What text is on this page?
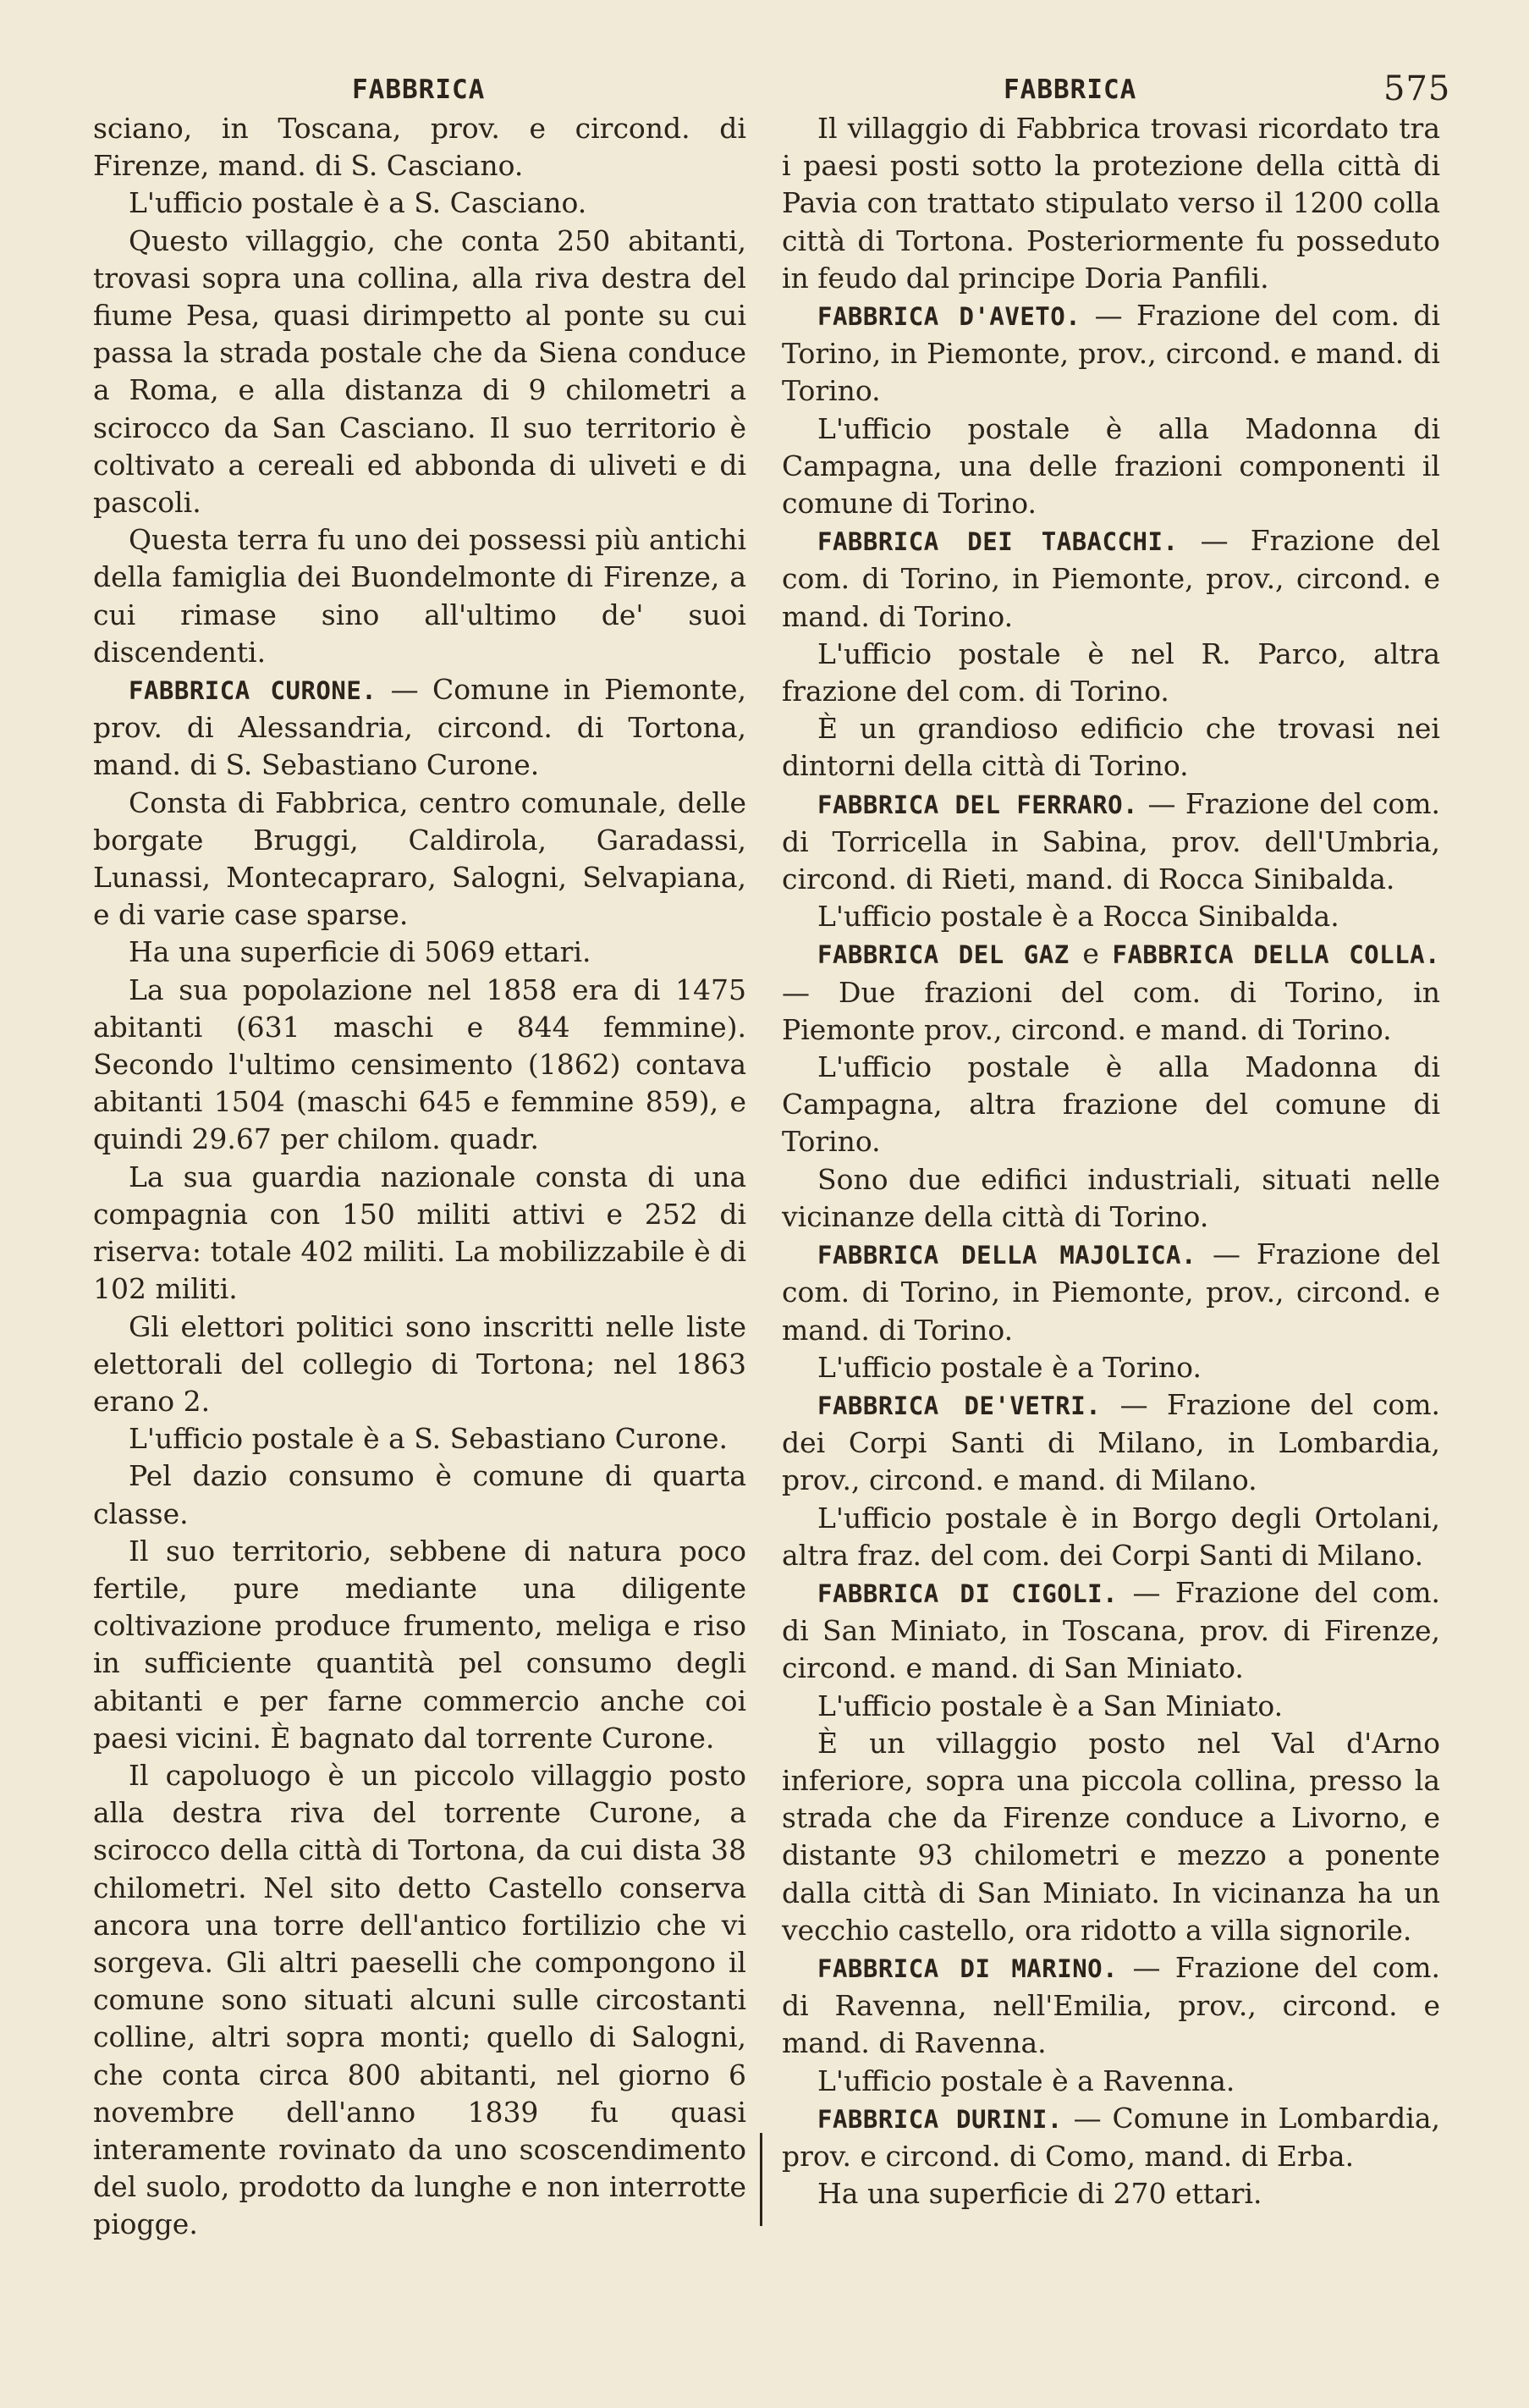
FABBRICA	FABBRICA	575

sciano, in Toscana, prov. e circond. di Firenze, mand. di S. Casciano.

L'ufficio postale è a S. Casciano.

Questo villaggio, che conta 250 abitanti, trovasi sopra una collina, alla riva destra del fiume Pesa, quasi dirimpetto al ponte su cui passa la strada postale che da Siena conduce a Roma, e alla distanza di 9 chilometri a scirocco da San Casciano. Il suo territorio è coltivato a cereali ed abbonda di uliveti e di pascoli.

Questa terra fu uno dei possessi più antichi della famiglia dei Buondelmonte di Firenze, a cui rimase sino all'ultimo de' suoi discendenti.

FABBRICA CURONE. — Comune in Piemonte, prov. di Alessandria, circond. di Tortona, mand. di S. Sebastiano Curone.

Consta di Fabbrica, centro comunale, delle borgate Bruggi, Caldirola, Garadassi, Lunassi, Montecapraro, Salogni, Selvapiana, e di varie case sparse.

Ha una superficie di 5069 ettari.

La sua popolazione nel 1858 era di 1475 abitanti (631 maschi e 844 femmine). Secondo l'ultimo censimento (1862) contava abitanti 1504 (maschi 645 e femmine 859), e quindi 29.67 per chilom. quadr.

La sua guardia nazionale consta di una compagnia con 150 militi attivi e 252 di riserva: totale 402 militi. La mobilizzabile è di 102 militi.

Gli elettori politici sono inscritti nelle liste elettorali del collegio di Tortona; nel 1863 erano 2.

L'ufficio postale è a S. Sebastiano Curone.

Pel dazio consumo è comune di quarta classe.

Il suo territorio, sebbene di natura poco fertile, pure mediante una diligente coltivazione produce frumento, meliga e riso in sufficiente quantità pel consumo degli abitanti e per farne commercio anche coi paesi vicini. È bagnato dal torrente Curone.

Il capoluogo è un piccolo villaggio posto alla destra riva del torrente Curone, a scirocco della città di Tortona, da cui dista 38 chilometri. Nel sito detto Castello conserva ancora una torre dell'antico fortilizio che vi sorgeva. Gli altri paeselli che compongono il comune sono situati alcuni sulle circostanti colline, altri sopra monti; quello di Salogni, che conta circa 800 abitanti, nel giorno 6 novembre dell'anno 1839 fu quasi interamente rovinato da uno scoscendimento del suolo, prodotto da lunghe e non interrotte piogge.

Il villaggio di Fabbrica trovasi ricordato tra i paesi posti sotto la protezione della città di Pavia con trattato stipulato verso il 1200 colla città di Tortona. Posteriormente fu posseduto in feudo dal principe Doria Panfili.

FABBRICA D'AVETO. — Frazione del com. di Torino, in Piemonte, prov., circond. e mand. di Torino.

L'ufficio postale è alla Madonna di Campagna, una delle frazioni componenti il comune di Torino.

FABBRICA DEI TABACCHI. — Frazione del com. di Torino, in Piemonte, prov., circond. e mand. di Torino.

L'ufficio postale è nel R. Parco, altra frazione del com. di Torino.

È un grandioso edificio che trovasi nei dintorni della città di Torino.

FABBRICA DEL FERRARO. — Frazione del com. di Torricella in Sabina, prov. dell'Umbria, circond. di Rieti, mand. di Rocca Sinibalda.

L'ufficio postale è a Rocca Sinibalda.

FABBRICA DEL GAZ e FABBRICA DELLA COLLA. — Due frazioni del com. di Torino, in Piemonte prov., circond. e mand. di Torino.

L'ufficio postale è alla Madonna di Campagna, altra frazione del comune di Torino.

Sono due edifici industriali, situati nelle vicinanze della città di Torino.

FABBRICA DELLA MAJOLICA. — Frazione del com. di Torino, in Piemonte, prov., circond. e mand. di Torino.

L'ufficio postale è a Torino.

FABBRICA DE'VETRI. — Frazione del com. dei Corpi Santi di Milano, in Lombardia, prov., circond. e mand. di Milano.

L'ufficio postale è in Borgo degli Ortolani, altra fraz. del com. dei Corpi Santi di Milano.

FABBRICA DI CIGOLI. — Frazione del com. di San Miniato, in Toscana, prov. di Firenze, circond. e mand. di San Miniato.

L'ufficio postale è a San Miniato.

È un villaggio posto nel Val d'Arno inferiore, sopra una piccola collina, presso la strada che da Firenze conduce a Livorno, e distante 93 chilometri e mezzo a ponente dalla città di San Miniato. In vicinanza ha un vecchio castello, ora ridotto a villa signorile.

FABBRICA DI MARINO. — Frazione del com. di Ravenna, nell'Emilia, prov., circond. e mand. di Ravenna.

L'ufficio postale è a Ravenna.

FABBRICA DURINI. — Comune in Lombardia, prov. e circond. di Como, mand. di Erba.

Ha una superficie di 270 ettari.
